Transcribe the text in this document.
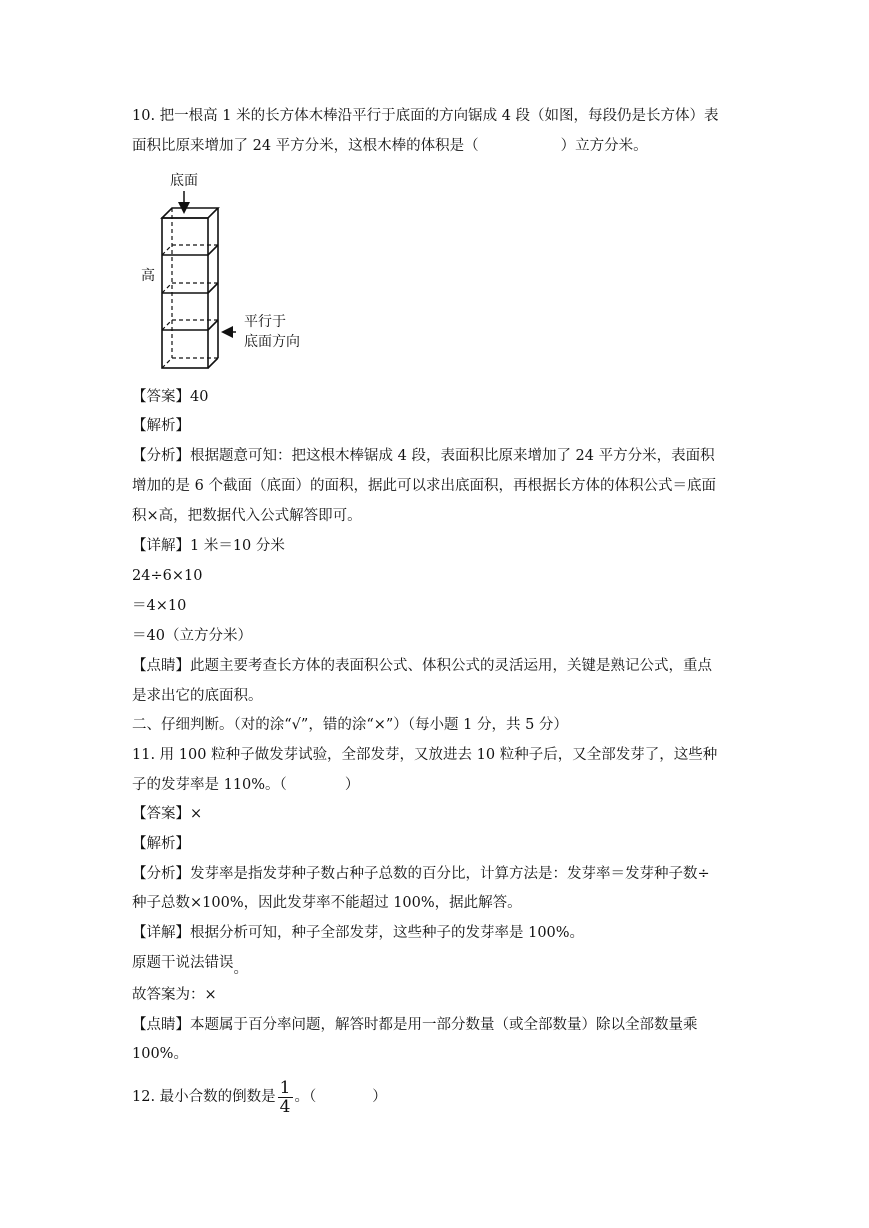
10. 把一根高 1 米的长方体木棒沿平行于底面的方向锯成 4 段（如图，每段仍是长方体）表
面积比原来增加了 24 平方分米，这根木棒的体积是（	）立方分米。
底面
高
平行于
底面方向
【答案】40
【解析】
【分析】根据题意可知：把这根木棒锯成 4 段，表面积比原来增加了 24 平方分米，表面积
增加的是 6 个截面（底面）的面积，据此可以求出底面积，再根据长方体的体积公式＝底面
积×高，把数据代入公式解答即可。
【详解】1 米＝10 分米
24÷6×10
＝4×10
＝40（立方分米）
【点睛】此题主要考查长方体的表面积公式、体积公式的灵活运用，关键是熟记公式，重点
是求出它的底面积。
二、仔细判断。（对的涂“√”，错的涂“×”）（每小题 1 分，共 5 分）
11. 用 100 粒种子做发芽试验，全部发芽，又放进去 10 粒种子后，又全部发芽了，这些种
子的发芽率是 110%。（	）
【答案】×
【解析】
【分析】发芽率是指发芽种子数占种子总数的百分比，计算方法是：发芽率＝发芽种子数÷
种子总数×100%，因此发芽率不能超过 100%，据此解答。
【详解】根据分析可知，种子全部发芽，这些种子的发芽率是 100%。
原题干说法错误。
故答案为：×
【点睛】本题属于百分率问题，解答时都是用一部分数量（或全部数量）除以全部数量乘
100%。
12. 最小合数的倒数是 $\frac{1}{4}$ 。（	）
